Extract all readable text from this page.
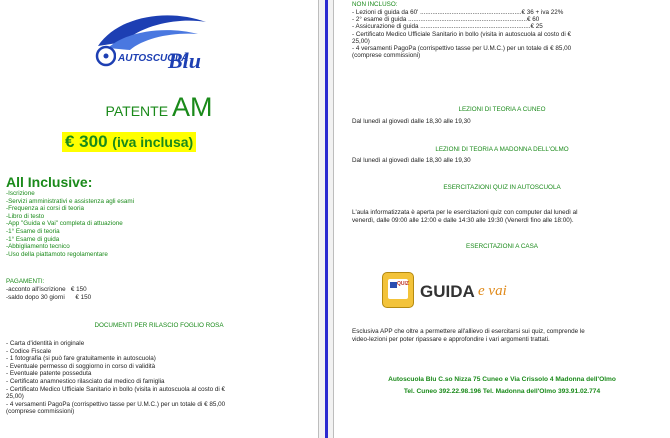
AUTOSCUOLA
Blu
PATENTE AM
€ 300 (iva inclusa)
All Inclusive:
-Iscrizione
-Servizi amministrativi e assistenza agli esami
-Frequenza ai corsi di teoria
-Libro di testo
-App "Guida e Vai" completa di attuazione
-1° Esame di teoria
-1° Esame di guida
-Abbigliamento tecnico
-Uso della piattamoto regolamentare
PAGAMENTI:
-acconto all'iscrizione € 150
-saldo dopo 30 giorni € 150
DOCUMENTI PER RILASCIO FOGLIO ROSA
- Carta d'identità in originale
- Codice Fiscale
- 1 fotografia (si può fare gratuitamente in autoscuola)
- Eventuale permesso di soggiorno in corso di validità
- Eventuale patente posseduta
- Certificato anamnestico rilasciato dal medico di famiglia
- Certificato Medico Ufficiale Sanitario in bollo (visita in autoscuola al costo di €
25,00)
- 4 versamenti PagoPa (corrispettivo tasse per U.M.C.) per un totale di € 85,00
(comprese commissioni)
NON INCLUSO:
- Lezioni di guida da 60' ..........................................................€ 36 + iva 22%
- 2° esame di guida ....................................................................€ 60
- Assicurazione di guida ...............................................................€ 25
- Certificato Medico Ufficiale Sanitario in bollo (visita in autoscuola al costo di €
25,00)
- 4 versamenti PagoPa (corrispettivo tasse per U.M.C.) per un totale di € 85,00
(comprese commissioni)
LEZIONI DI TEORIA A CUNEO
Dal lunedì al giovedì dalle 18,30 alle 19,30
LEZIONI DI TEORIA A MADONNA DELL'OLMO
Dal lunedì al giovedì dalle 18,30 alle 19,30
ESERCITAZIONI QUIZ IN AUTOSCUOLA
L'aula informatizzata è aperta per le esercitazioni quiz con computer dal lunedì al
venerdì, dalle 09:00 alle 12:00 e dalle 14:30 alle 19:30 (Venerdì fino alle 18:00).
ESERCITAZIONI A CASA
QUIZ GUIDA e vai
Esclusiva APP che oltre a permettere all'allievo di esercitarsi sui quiz, comprende le
video-lezioni per poter ripassare e approfondire i vari argomenti trattati.
Autoscuola Blu C.so Nizza 75 Cuneo e Via Crissolo 4 Madonna dell'Olmo
Tel. Cuneo 392.22.98.196 Tel. Madonna dell'Olmo 393.91.02.774
